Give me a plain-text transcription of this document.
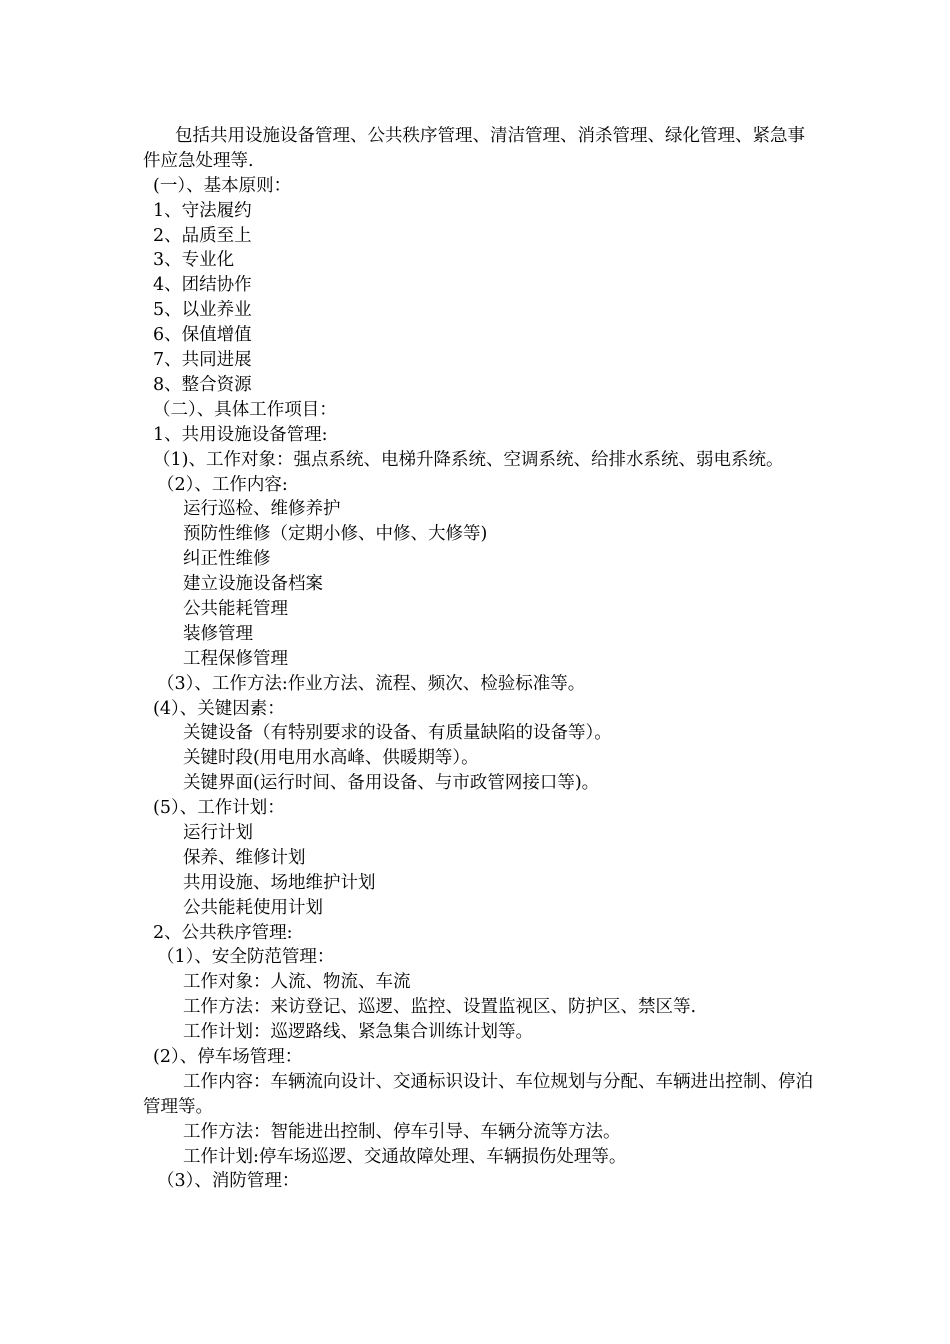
包括共用设施设备管理、公共秩序管理、清洁管理、消杀管理、绿化管理、紧急事件应急处理等.
(一）、基本原则：
1、守法履约
2、品质至上
3、专业化
4、团结协作
5、以业养业
6、保值增值
7、共同进展
8、整合资源
（二）、具体工作项目：
1、共用设施设备管理:
（1)、工作对象：强点系统、电梯升降系统、空调系统、给排水系统、弱电系统。
（2）、工作内容:
运行巡检、维修养护
预防性维修（定期小修、中修、大修等)
纠正性维修
建立设施设备档案
公共能耗管理
装修管理
工程保修管理
（3）、工作方法:作业方法、流程、频次、检验标准等。
(4）、关键因素：
关键设备（有特别要求的设备、有质量缺陷的设备等）。
关键时段(用电用水高峰、供暖期等）。
关键界面(运行时间、备用设备、与市政管网接口等)。
(5）、工作计划：
运行计划
保养、维修计划
共用设施、场地维护计划
公共能耗使用计划
2、公共秩序管理:
（1）、安全防范管理：
工作对象：人流、物流、车流
工作方法：来访登记、巡逻、监控、设置监视区、防护区、禁区等.
工作计划：巡逻路线、紧急集合训练计划等。
(2）、停车场管理：
工作内容：车辆流向设计、交通标识设计、车位规划与分配、车辆进出控制、停泊管理等。
工作方法：智能进出控制、停车引导、车辆分流等方法。
工作计划:停车场巡逻、交通故障处理、车辆损伤处理等。
（3）、消防管理：
